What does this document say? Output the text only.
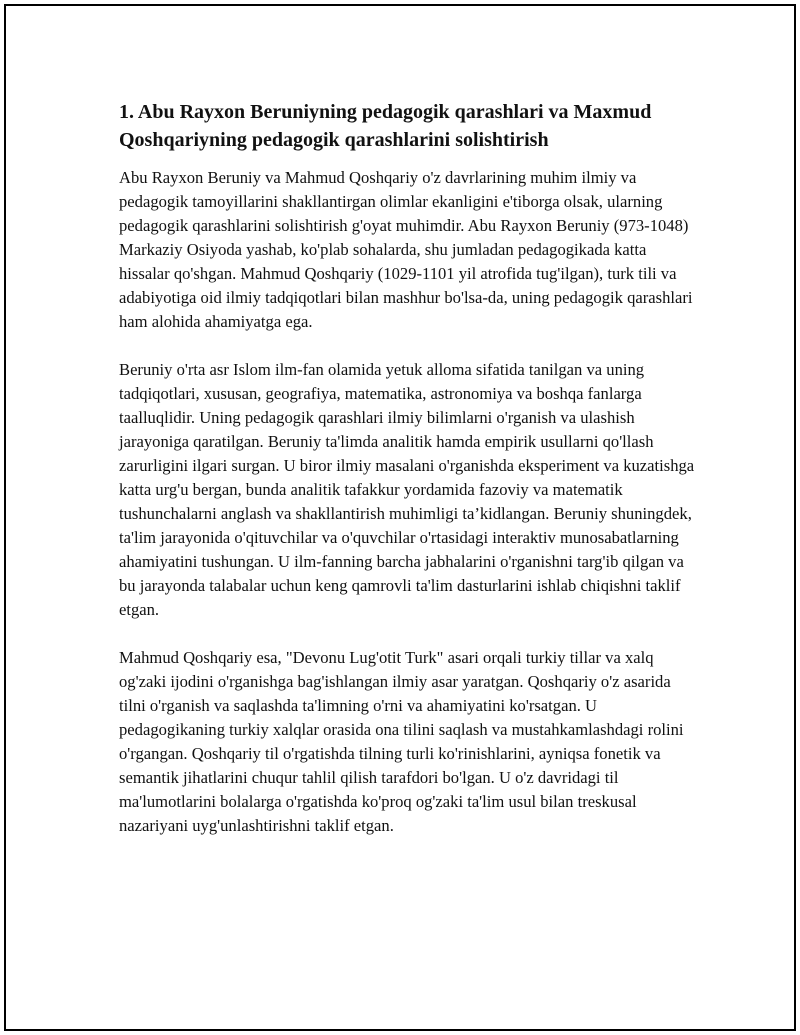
1. Abu Rayxon Beruniyning pedagogik qarashlari va Maxmud Qoshqariyning pedagogik qarashlarini solishtirish

Abu Rayxon Beruniy va Mahmud Qoshqariy o'z davrlarining muhim ilmiy va pedagogik tamoyillarini shakllantirgan olimlar ekanligini e'tiborga olsak, ularning pedagogik qarashlarini solishtirish g'oyat muhimdir. Abu Rayxon Beruniy (973-1048) Markaziy Osiyoda yashab, ko'plab sohalarda, shu jumladan pedagogikada katta hissalar qo'shgan. Mahmud Qoshqariy (1029-1101 yil atrofida tug'ilgan), turk tili va adabiyotiga oid ilmiy tadqiqotlari bilan mashhur bo'lsa-da, uning pedagogik qarashlari ham alohida ahamiyatga ega.

Beruniy o'rta asr Islom ilm-fan olamida yetuk alloma sifatida tanilgan va uning tadqiqotlari, xususan, geografiya, matematika, astronomiya va boshqa fanlarga taalluqlidir. Uning pedagogik qarashlari ilmiy bilimlarni o'rganish va ulashish jarayoniga qaratilgan. Beruniy ta'limda analitik hamda empirik usullarni qo'llash zarurligini ilgari surgan. U biror ilmiy masalani o'rganishda eksperiment va kuzatishga katta urg'u bergan, bunda analitik tafakkur yordamida fazoviy va matematik tushunchalarni anglash va shakllantirish muhimligi ta’kidlangan. Beruniy shuningdek, ta'lim jarayonida o'qituvchilar va o'quvchilar o'rtasidagi interaktiv munosabatlarning ahamiyatini tushungan. U ilm-fanning barcha jabhalarini o'rganishni targ'ib qilgan va bu jarayonda talabalar uchun keng qamrovli ta'lim dasturlarini ishlab chiqishni taklif etgan.

Mahmud Qoshqariy esa, "Devonu Lug'otit Turk" asari orqali turkiy tillar va xalq og'zaki ijodini o'rganishga bag'ishlangan ilmiy asar yaratgan. Qoshqariy o'z asarida tilni o'rganish va saqlashda ta'limning o'rni va ahamiyatini ko'rsatgan. U pedagogikaning turkiy xalqlar orasida ona tilini saqlash va mustahkamlashdagi rolini o'rgangan. Qoshqariy til o'rgatishda tilning turli ko'rinishlarini, ayniqsa fonetik va semantik jihatlarini chuqur tahlil qilish tarafdori bo'lgan. U o'z davridagi til ma'lumotlarini bolalarga o'rgatishda ko'proq og'zaki ta'lim usul bilan treskusal nazariyani uyg'unlashtirishni taklif etgan.
